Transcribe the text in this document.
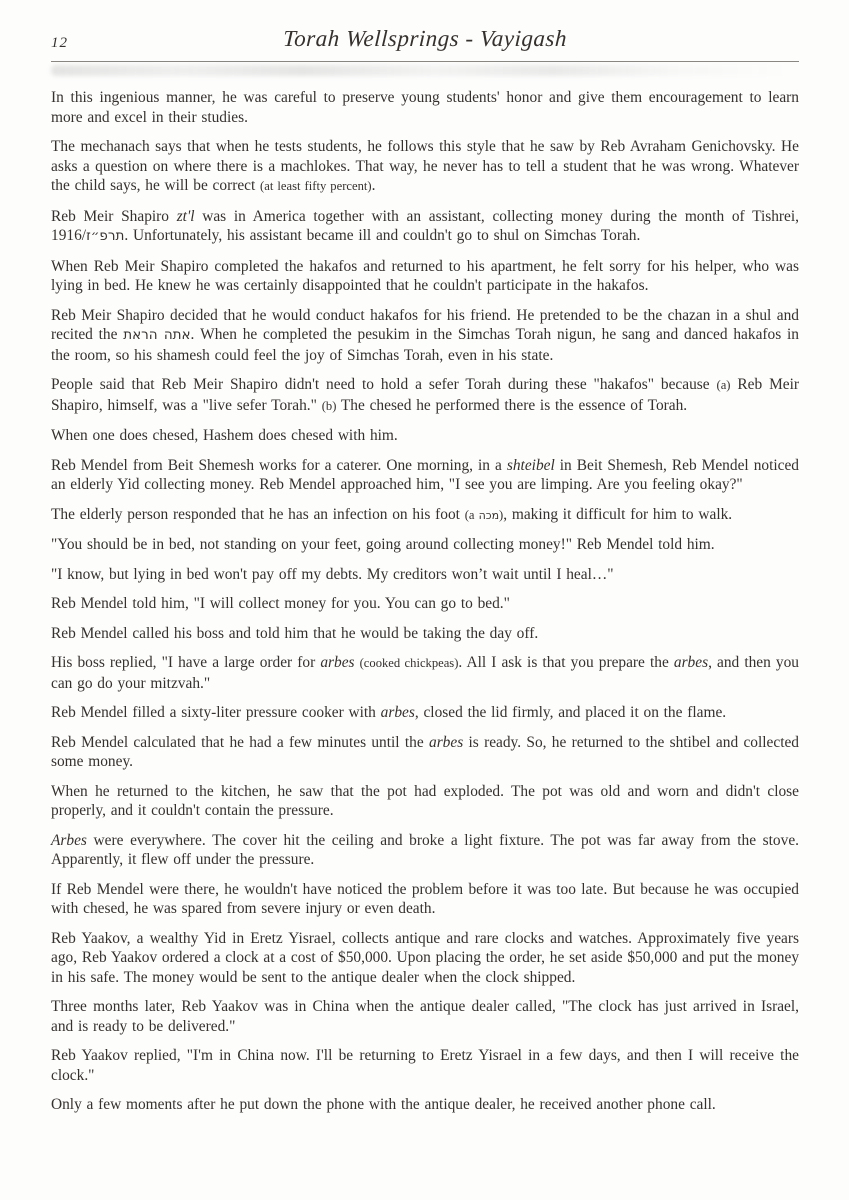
12	Torah Wellsprings - Vayigash

In this ingenious manner, he was careful to preserve young students' honor and give them encouragement to learn more and excel in their studies.

The mechanach says that when he tests students, he follows this style that he saw by Reb Avraham Genichovsky. He asks a question on where there is a machlokes. That way, he never has to tell a student that he was wrong. Whatever the child says, he will be correct (at least fifty percent).

Reb Meir Shapiro zt'l was in America together with an assistant, collecting money during the month of Tishrei, 1916/תרפ״ז. Unfortunately, his assistant became ill and couldn't go to shul on Simchas Torah.

When Reb Meir Shapiro completed the hakafos and returned to his apartment, he felt sorry for his helper, who was lying in bed. He knew he was certainly disappointed that he couldn't participate in the hakafos.

Reb Meir Shapiro decided that he would conduct hakafos for his friend. He pretended to be the chazan in a shul and recited the אתה הראת. When he completed the pesukim in the Simchas Torah nigun, he sang and danced hakafos in the room, so his shamesh could feel the joy of Simchas Torah, even in his state.

People said that Reb Meir Shapiro didn't need to hold a sefer Torah during these "hakafos" because (a) Reb Meir Shapiro, himself, was a "live sefer Torah." (b) The chesed he performed there is the essence of Torah.

When one does chesed, Hashem does chesed with him.

Reb Mendel from Beit Shemesh works for a caterer. One morning, in a shteibel in Beit Shemesh, Reb Mendel noticed an elderly Yid collecting money. Reb Mendel approached him, "I see you are limping. Are you feeling okay?"

The elderly person responded that he has an infection on his foot (a מכה), making it difficult for him to walk.

"You should be in bed, not standing on your feet, going around collecting money!" Reb Mendel told him.

"I know, but lying in bed won't pay off my debts. My creditors won’t wait until I heal…"

Reb Mendel told him, "I will collect money for you. You can go to bed."

Reb Mendel called his boss and told him that he would be taking the day off.

His boss replied, "I have a large order for arbes (cooked chickpeas). All I ask is that you prepare the arbes, and then you can go do your mitzvah."

Reb Mendel filled a sixty-liter pressure cooker with arbes, closed the lid firmly, and placed it on the flame.

Reb Mendel calculated that he had a few minutes until the arbes is ready. So, he returned to the shtibel and collected some money.

When he returned to the kitchen, he saw that the pot had exploded. The pot was old and worn and didn't close properly, and it couldn't contain the pressure.

Arbes were everywhere. The cover hit the ceiling and broke a light fixture. The pot was far away from the stove. Apparently, it flew off under the pressure.

If Reb Mendel were there, he wouldn't have noticed the problem before it was too late. But because he was occupied with chesed, he was spared from severe injury or even death.

Reb Yaakov, a wealthy Yid in Eretz Yisrael, collects antique and rare clocks and watches. Approximately five years ago, Reb Yaakov ordered a clock at a cost of $50,000. Upon placing the order, he set aside $50,000 and put the money in his safe. The money would be sent to the antique dealer when the clock shipped.

Three months later, Reb Yaakov was in China when the antique dealer called, "The clock has just arrived in Israel, and is ready to be delivered."

Reb Yaakov replied, "I'm in China now. I'll be returning to Eretz Yisrael in a few days, and then I will receive the clock."

Only a few moments after he put down the phone with the antique dealer, he received another phone call.
